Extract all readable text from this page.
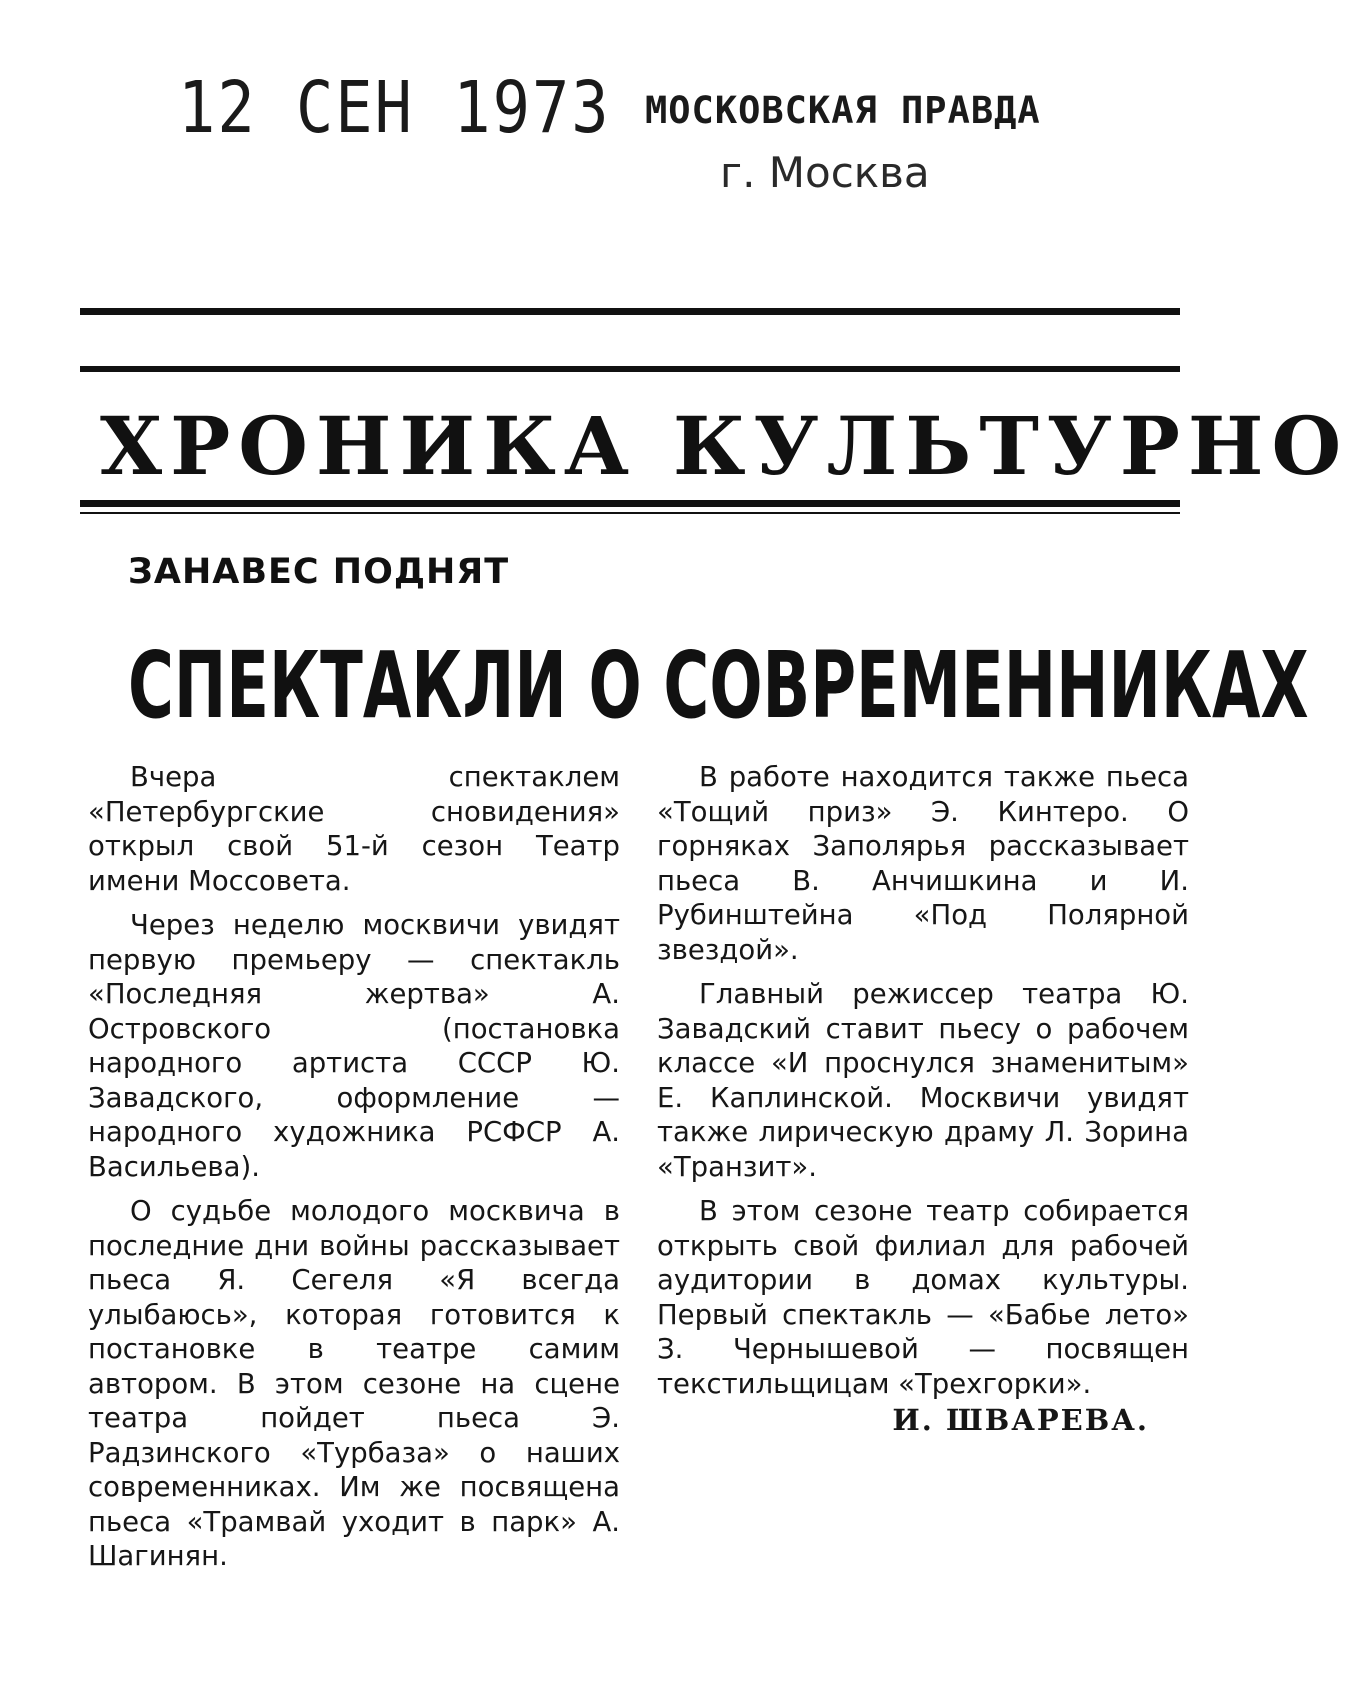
12 СЕН 1973 МОСКОВСКАЯ ПРАВДА
г. Москва
ХРОНИКА КУЛЬТУРНО
ЗАНАВЕС ПОДНЯТ
СПЕКТАКЛИ О СОВРЕМЕННИКАХ

Вчера спектаклем «Петербургские сновидения» открыл свой 51-й сезон Театр имени Моссовета.

Через неделю москвичи увидят первую премьеру — спектакль «Последняя жертва» А. Островского (постановка народного артиста СССР Ю. Завадского, оформление — народного художника РСФСР А. Васильева).

О судьбе молодого москвича в последние дни войны рассказывает пьеса Я. Сегеля «Я всегда улыбаюсь», которая готовится к постановке в театре самим автором. В этом сезоне на сцене театра пойдет пьеса Э. Радзинского «Турбаза» о наших современниках. Им же посвящена пьеса «Трамвай уходит в парк» А. Шагинян.

В работе находится также пьеса «Тощий приз» Э. Кинтеро. О горняках Заполярья рассказывает пьеса В. Анчишкина и И. Рубинштейна «Под Полярной звездой».

Главный режиссер театра Ю. Завадский ставит пьесу о рабочем классе «И проснулся знаменитым» Е. Каплинской. Москвичи увидят также лирическую драму Л. Зорина «Транзит».

В этом сезоне театр собирается открыть свой филиал для рабочей аудитории в домах культуры. Первый спектакль — «Бабье лето» З. Чернышевой — посвящен текстильщицам «Трехгорки».

И. ШВАРЕВА.
